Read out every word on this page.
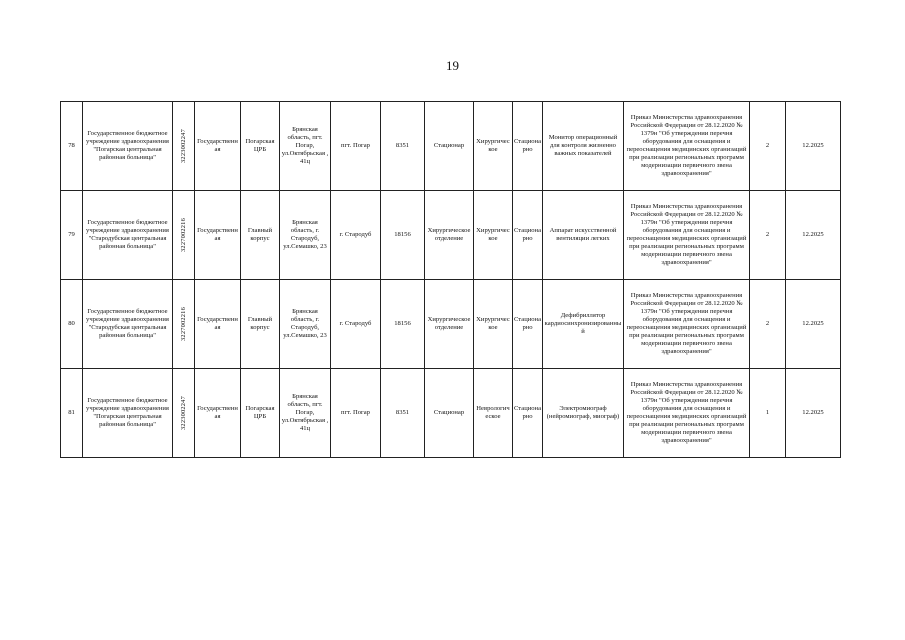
19
78	Государственное бюджетное учреждение здравоохранения "Погарская центральная районная больница"	3223002247	Государственная	Погарская ЦРБ	Брянская область, пгт. Погар, ул.Октябрьская , 41ц	пгт. Погар	8351	Стационар	Хирургическое	Стационарно	Монитор операционный для контроля жизненно важных показателей	Приказ Министерства здравоохранения Российской Федерации от 28.12.2020 № 1379н "Об утверждении перечня оборудования для оснащения и переоснащения медицинских организаций при реализации региональных программ модернизации первичного звена здравоохранения"	2	12.2025
79	Государственное бюджетное учреждение здравоохранения "Стародубская центральная районная больница"	3227002216	Государственная	Главный корпус	Брянская область, г. Стародуб, ул.Семашко, 23	г. Стародуб	18156	Хирургическое отделение	Хирургическое	Стационарно	Аппарат искусственной вентиляции легких	Приказ Министерства здравоохранения Российской Федерации от 28.12.2020 № 1379н "Об утверждении перечня оборудования для оснащения и переоснащения медицинских организаций при реализации региональных программ модернизации первичного звена здравоохранения"	2	12.2025
80	Государственное бюджетное учреждение здравоохранения "Стародубская центральная районная больница"	3227002216	Государственная	Главный корпус	Брянская область, г. Стародуб, ул.Семашко, 23	г. Стародуб	18156	Хирургическое отделение	Хирургическое	Стационарно	Дефибриллятор кардиосинхронизированный	Приказ Министерства здравоохранения Российской Федерации от 28.12.2020 № 1379н "Об утверждении перечня оборудования для оснащения и переоснащения медицинских организаций при реализации региональных программ модернизации первичного звена здравоохранения"	2	12.2025
81	Государственное бюджетное учреждение здравоохранения "Погарская центральная районная больница"	3223002247	Государственная	Погарская ЦРБ	Брянская область, пгт. Погар, ул.Октябрьская , 41ц	пгт. Погар	8351	Стационар	Неврологическое	Стационарно	Электромиограф (нейромиограф, миограф)	Приказ Министерства здравоохранения Российской Федерации от 28.12.2020 № 1379н "Об утверждении перечня оборудования для оснащения и переоснащения медицинских организаций при реализации региональных программ модернизации первичного звена здравоохранения"	1	12.2025
